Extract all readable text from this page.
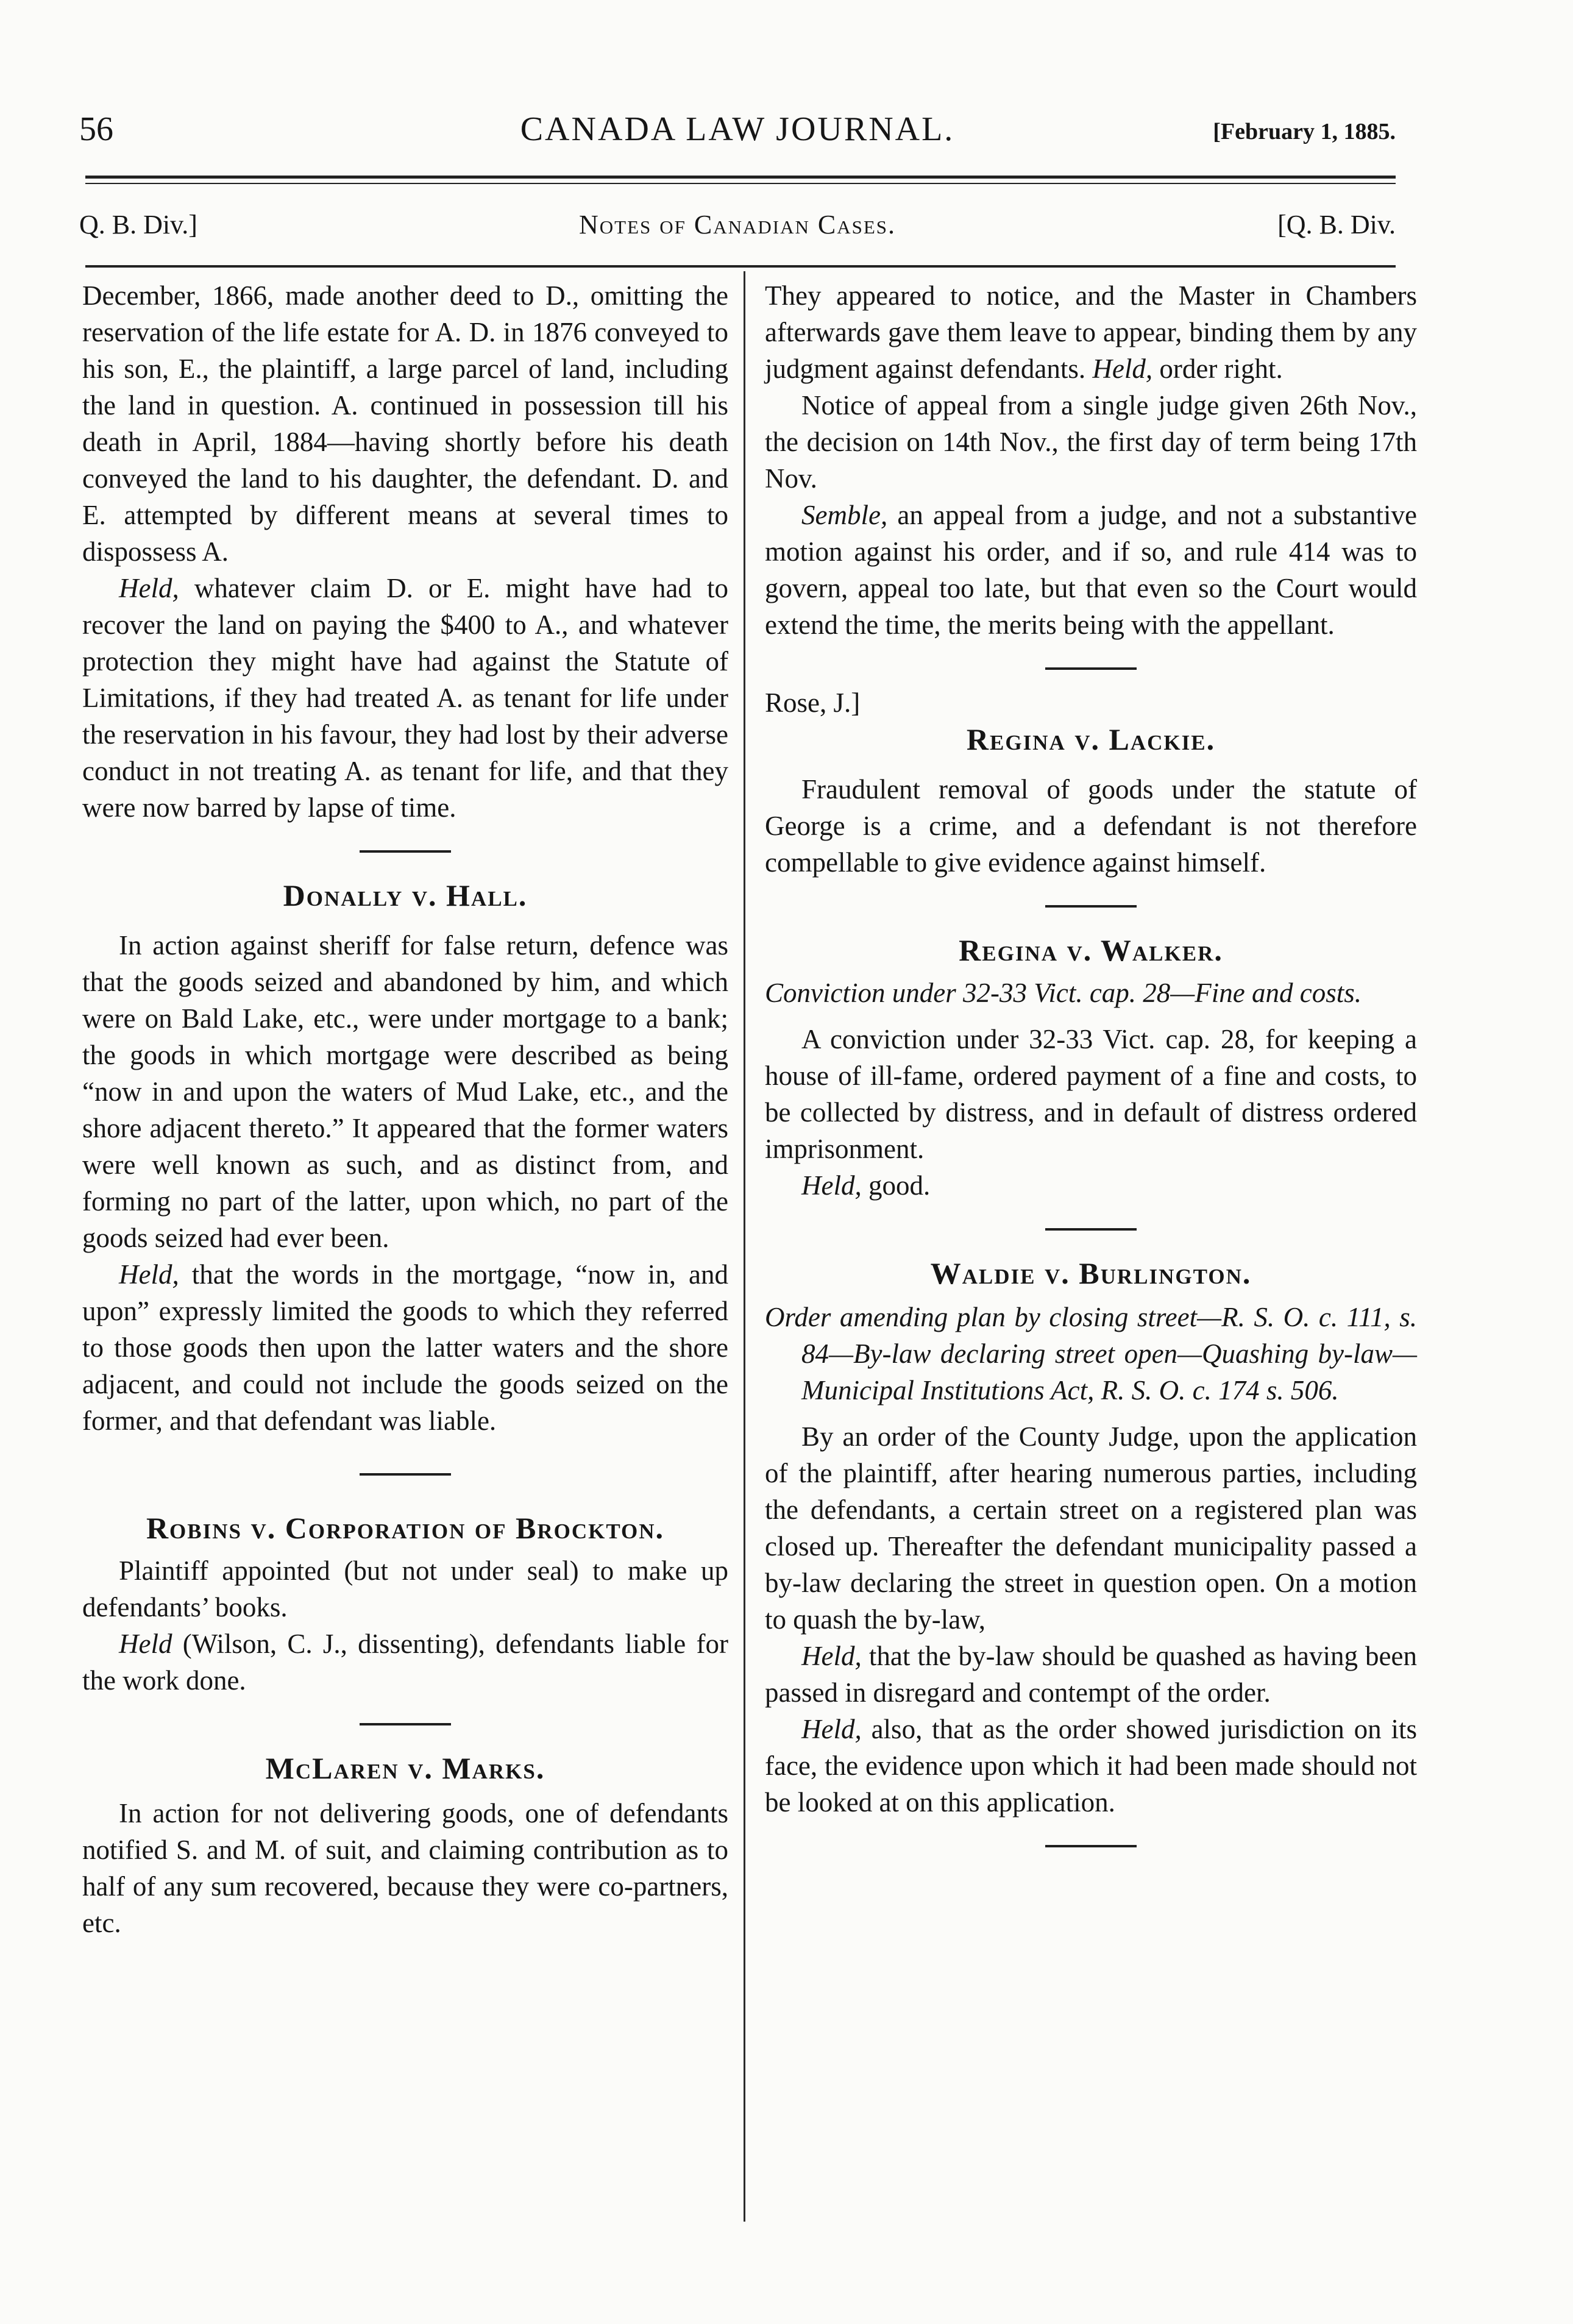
56	CANADA LAW JOURNAL.	[February 1, 1885.
Q. B. Div.]	Notes of Canadian Cases.	[Q. B. Div.

December, 1866, made another deed to D., omitting the reservation of the life estate for A. D. in 1876 conveyed to his son, E., the plaintiff, a large parcel of land, including the land in question. A. continued in possession till his death in April, 1884—having shortly before his death conveyed the land to his daughter, the defendant. D. and E. attempted by different means at several times to dispossess A.

Held, whatever claim D. or E. might have had to recover the land on paying the $400 to A., and whatever protection they might have had against the Statute of Limitations, if they had treated A. as tenant for life under the reservation in his favour, they had lost by their adverse conduct in not treating A. as tenant for life, and that they were now barred by lapse of time.

Donally v. Hall.

In action against sheriff for false return, defence was that the goods seized and abandoned by him, and which were on Bald Lake, etc., were under mortgage to a bank; the goods in which mortgage were described as being “now in and upon the waters of Mud Lake, etc., and the shore adjacent thereto.” It appeared that the former waters were well known as such, and as distinct from, and forming no part of the latter, upon which, no part of the goods seized had ever been.

Held, that the words in the mortgage, “now in, and upon” expressly limited the goods to which they referred to those goods then upon the latter waters and the shore adjacent, and could not include the goods seized on the former, and that defendant was liable.

Robins v. Corporation of Brockton.

Plaintiff appointed (but not under seal) to make up defendants’ books.

Held (Wilson, C. J., dissenting), defendants liable for the work done.

McLaren v. Marks.

In action for not delivering goods, one of defendants notified S. and M. of suit, and claiming contribution as to half of any sum recovered, because they were co-partners, etc.

They appeared to notice, and the Master in Chambers afterwards gave them leave to appear, binding them by any judgment against defendants. Held, order right.

Notice of appeal from a single judge given 26th Nov., the decision on 14th Nov., the first day of term being 17th Nov.

Semble, an appeal from a judge, and not a substantive motion against his order, and if so, and rule 414 was to govern, appeal too late, but that even so the Court would extend the time, the merits being with the appellant.

Rose, J.]

Regina v. Lackie.

Fraudulent removal of goods under the statute of George is a crime, and a defendant is not therefore compellable to give evidence against himself.

Regina v. Walker.

Conviction under 32-33 Vict. cap. 28—Fine and costs.

A conviction under 32-33 Vict. cap. 28, for keeping a house of ill-fame, ordered payment of a fine and costs, to be collected by distress, and in default of distress ordered imprisonment.

Held, good.

Waldie v. Burlington.

Order amending plan by closing street—R. S. O. c. 111, s. 84—By-law declaring street open—Quashing by-law—Municipal Institutions Act, R. S. O. c. 174 s. 506.

By an order of the County Judge, upon the application of the plaintiff, after hearing numerous parties, including the defendants, a certain street on a registered plan was closed up. Thereafter the defendant municipality passed a by-law declaring the street in question open. On a motion to quash the by-law,

Held, that the by-law should be quashed as having been passed in disregard and contempt of the order.

Held, also, that as the order showed jurisdiction on its face, the evidence upon which it had been made should not be looked at on this application.
